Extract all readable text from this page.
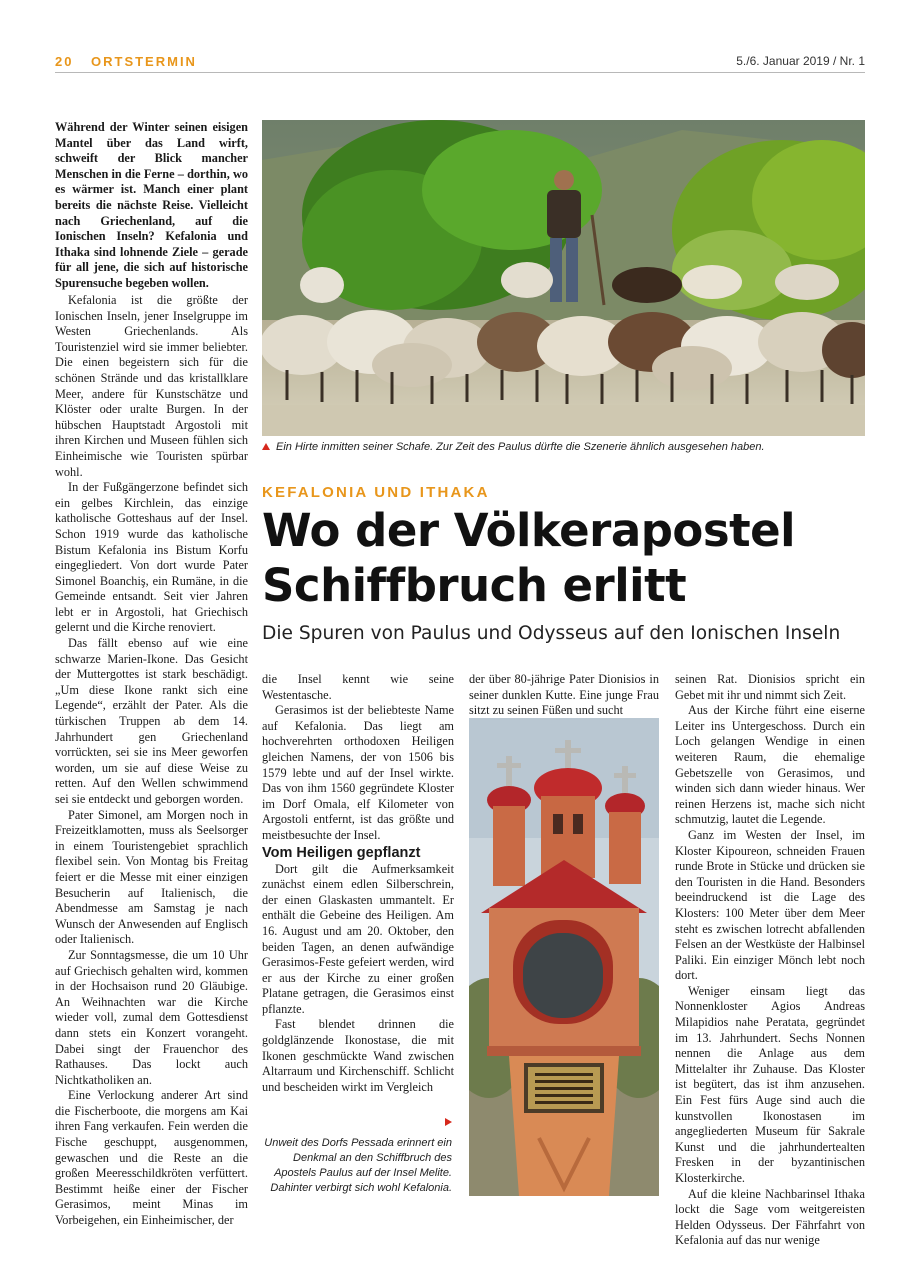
20 ORTSTERMIN	5./6. Januar 2019 / Nr. 1

Während der Winter seinen eisigen Mantel über das Land wirft, schweift der Blick mancher Menschen in die Ferne – dorthin, wo es wärmer ist. Manch einer plant bereits die nächste Reise. Vielleicht nach Griechenland, auf die Ionischen Inseln? Kefalonia und Ithaka sind lohnende Ziele – gerade für all jene, die sich auf historische Spurensuche begeben wollen.

Kefalonia ist die größte der Ionischen Inseln, jener Inselgruppe im Westen Griechenlands. Als Touristenziel wird sie immer beliebter. Die einen begeistern sich für die schönen Strände und das kristallklare Meer, andere für Kunstschätze und Klöster oder uralte Burgen. In der hübschen Hauptstadt Argostoli mit ihren Kirchen und Museen fühlen sich Einheimische wie Touristen spürbar wohl.

In der Fußgängerzone befindet sich ein gelbes Kirchlein, das einzige katholische Gotteshaus auf der Insel. Schon 1919 wurde das katholische Bistum Kefalonia ins Bistum Korfu eingegliedert. Von dort wurde Pater Simonel Boanchiş, ein Rumäne, in die Gemeinde entsandt. Seit vier Jahren lebt er in Argostoli, hat Griechisch gelernt und die Kirche renoviert.

Das fällt ebenso auf wie eine schwarze Marien-Ikone. Das Gesicht der Muttergottes ist stark beschädigt. „Um diese Ikone rankt sich eine Legende“, erzählt der Pater. Als die türkischen Truppen ab dem 14. Jahrhundert gen Griechenland vorrückten, sei sie ins Meer geworfen worden, um sie auf diese Weise zu retten. Auf den Wellen schwimmend sei sie entdeckt und geborgen worden.

Pater Simonel, am Morgen noch in Freizeitklamotten, muss als Seelsorger in einem Touristengebiet sprachlich flexibel sein. Von Montag bis Freitag feiert er die Messe mit einer einzigen Besucherin auf Italienisch, die Abendmesse am Samstag je nach Wunsch der Anwesenden auf Englisch oder Italienisch.

Zur Sonntagsmesse, die um 10 Uhr auf Griechisch gehalten wird, kommen in der Hochsaison rund 20 Gläubige. An Weihnachten war die Kirche wieder voll, zumal dem Gottesdienst dann stets ein Konzert vorangeht. Dabei singt der Frauenchor des Rathauses. Das lockt auch Nichtkatholiken an.

Eine Verlockung anderer Art sind die Fischerboote, die morgens am Kai ihren Fang verkaufen. Fein werden die Fische geschuppt, ausgenommen, gewaschen und die Reste an die großen Meeresschildkröten verfüttert. Bestimmt heiße einer der Fischer Gerasimos, meint Minas im Vorbeigehen, ein Einheimischer, der

Ein Hirte inmitten seiner Schafe. Zur Zeit des Paulus dürfte die Szenerie ähnlich ausgesehen haben.
KEFALONIA UND ITHAKA
Wo der Völkerapostel Schiffbruch erlitt

Die Spuren von Paulus und Odysseus auf den Ionischen Inseln

die Insel kennt wie seine Westentasche.

Gerasimos ist der beliebteste Name auf Kefalonia. Das liegt am hochverehrten orthodoxen Heiligen gleichen Namens, der von 1506 bis 1579 lebte und auf der Insel wirkte. Das von ihm 1560 gegründete Kloster im Dorf Omala, elf Kilometer von Argostoli entfernt, ist das größte und meistbesuchte der Insel.

Vom Heiligen gepflanzt

Dort gilt die Aufmerksamkeit zunächst einem edlen Silberschrein, der einen Glaskasten ummantelt. Er enthält die Gebeine des Heiligen. Am 16. August und am 20. Oktober, den beiden Tagen, an denen aufwändige Gerasimos-Feste gefeiert werden, wird er aus der Kirche zu einer großen Platane getragen, die Gerasimos einst pflanzte.

Fast blendet drinnen die goldglänzende Ikonostase, die mit Ikonen geschmückte Wand zwischen Altarraum und Kirchenschiff. Schlicht und bescheiden wirkt im Vergleich

Unweit des Dorfs Pessada erinnert ein Denkmal an den Schiffbruch des Apostels Paulus auf der Insel Melite. Dahinter verbirgt sich wohl Kefalonia.

der über 80-jährige Pater Dionisios in seiner dunklen Kutte. Eine junge Frau sitzt zu seinen Füßen und sucht

seinen Rat. Dionisios spricht ein Gebet mit ihr und nimmt sich Zeit.

Aus der Kirche führt eine eiserne Leiter ins Untergeschoss. Durch ein Loch gelangen Wendige in einen weiteren Raum, die ehemalige Gebetszelle von Gerasimos, und winden sich dann wieder hinaus. Wer reinen Herzens ist, mache sich nicht schmutzig, lautet die Legende.

Ganz im Westen der Insel, im Kloster Kipoureon, schneiden Frauen runde Brote in Stücke und drücken sie den Touristen in die Hand. Besonders beeindruckend ist die Lage des Klosters: 100 Meter über dem Meer steht es zwischen lotrecht abfallenden Felsen an der Westküste der Halbinsel Paliki. Ein einziger Mönch lebt noch dort.

Weniger einsam liegt das Nonnenkloster Agios Andreas Milapidios nahe Peratata, gegründet im 13. Jahrhundert. Sechs Nonnen nennen die Anlage aus dem Mittelalter ihr Zuhause. Das Kloster ist begütert, das ist ihm anzusehen. Ein Fest fürs Auge sind auch die kunstvollen Ikonostasen im angegliederten Museum für Sakrale Kunst und die jahrhundertealten Fresken in der byzantinischen Klosterkirche.

Auf die kleine Nachbarinsel Ithaka lockt die Sage vom weitgereisten Helden Odysseus. Der Fährfahrt von Kefalonia auf das nur wenige
